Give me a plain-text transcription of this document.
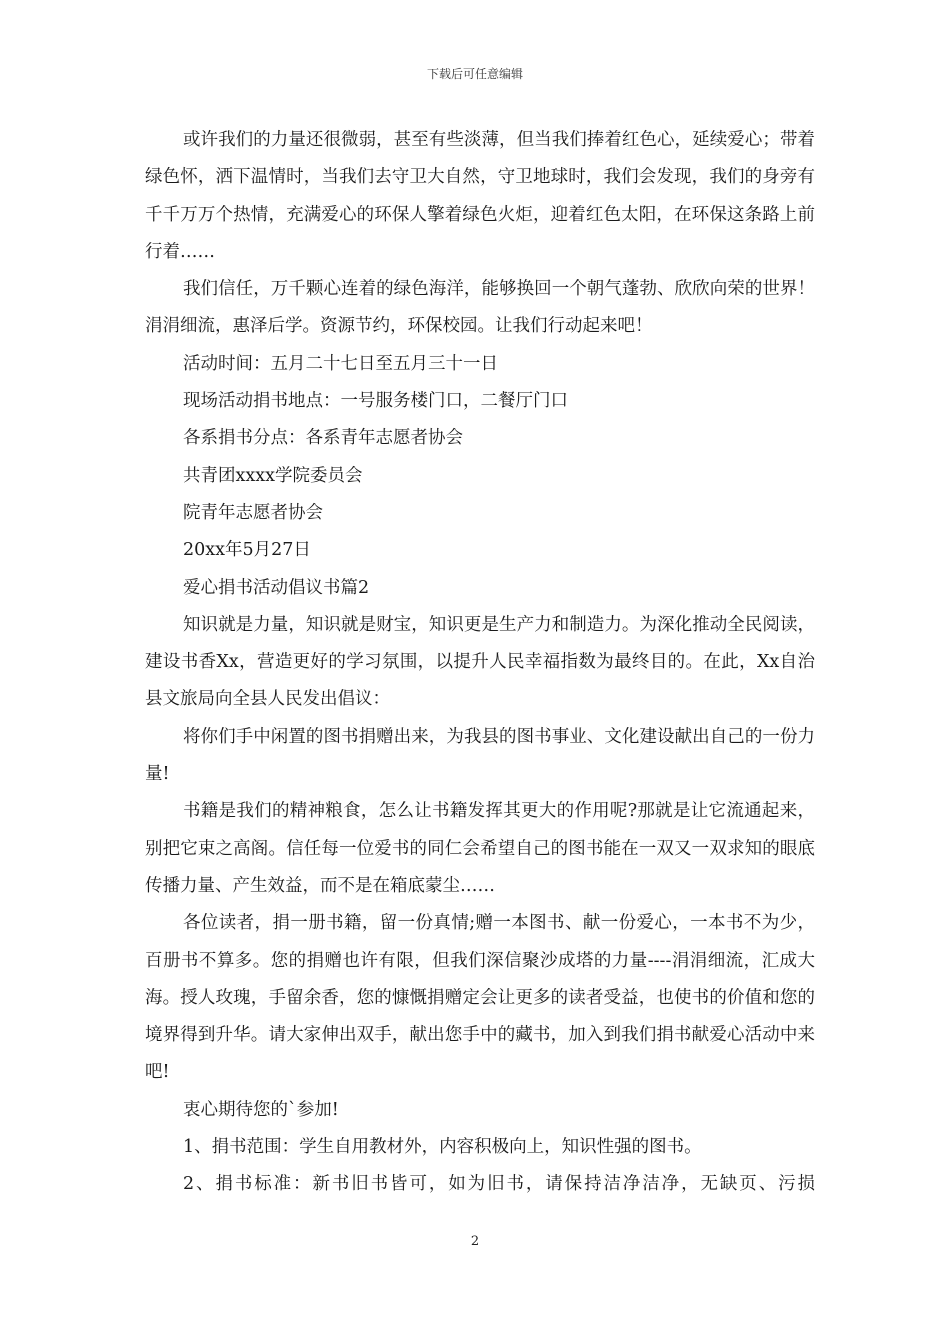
下载后可任意编辑

或许我们的力量还很微弱，甚至有些淡薄，但当我们捧着红色心，延续爱心；带着绿色怀，洒下温情时，当我们去守卫大自然，守卫地球时，我们会发现，我们的身旁有千千万万个热情，充满爱心的环保人擎着绿色火炬，迎着红色太阳，在环保这条路上前行着……

我们信任，万千颗心连着的绿色海洋，能够换回一个朝气蓬勃、欣欣向荣的世界！涓涓细流，惠泽后学。资源节约，环保校园。让我们行动起来吧！

活动时间：五月二十七日至五月三十一日

现场活动捐书地点：一号服务楼门口，二餐厅门口

各系捐书分点：各系青年志愿者协会

共青团xxxx学院委员会

院青年志愿者协会

20xx年5月27日

爱心捐书活动倡议书篇2

知识就是力量，知识就是财宝，知识更是生产力和制造力。为深化推动全民阅读，建设书香Xx，营造更好的学习氛围，以提升人民幸福指数为最终目的。在此，Xx自治县文旅局向全县人民发出倡议：

将你们手中闲置的图书捐赠出来，为我县的图书事业、文化建设献出自己的一份力量!

书籍是我们的精神粮食，怎么让书籍发挥其更大的作用呢?那就是让它流通起来，别把它束之高阁。信任每一位爱书的同仁会希望自己的图书能在一双又一双求知的眼底传播力量、产生效益，而不是在箱底蒙尘……

各位读者，捐一册书籍，留一份真情;赠一本图书、献一份爱心，一本书不为少，百册书不算多。您的捐赠也许有限，但我们深信聚沙成塔的力量----涓涓细流，汇成大海。授人玫瑰，手留余香，您的慷慨捐赠定会让更多的读者受益，也使书的价值和您的境界得到升华。请大家伸出双手，献出您手中的藏书，加入到我们捐书献爱心活动中来吧!

衷心期待您的`参加!

1、捐书范围：学生自用教材外，内容积极向上，知识性强的图书。

2、捐书标准：新书旧书皆可，如为旧书，请保持洁净洁净，无缺页、污损

2
